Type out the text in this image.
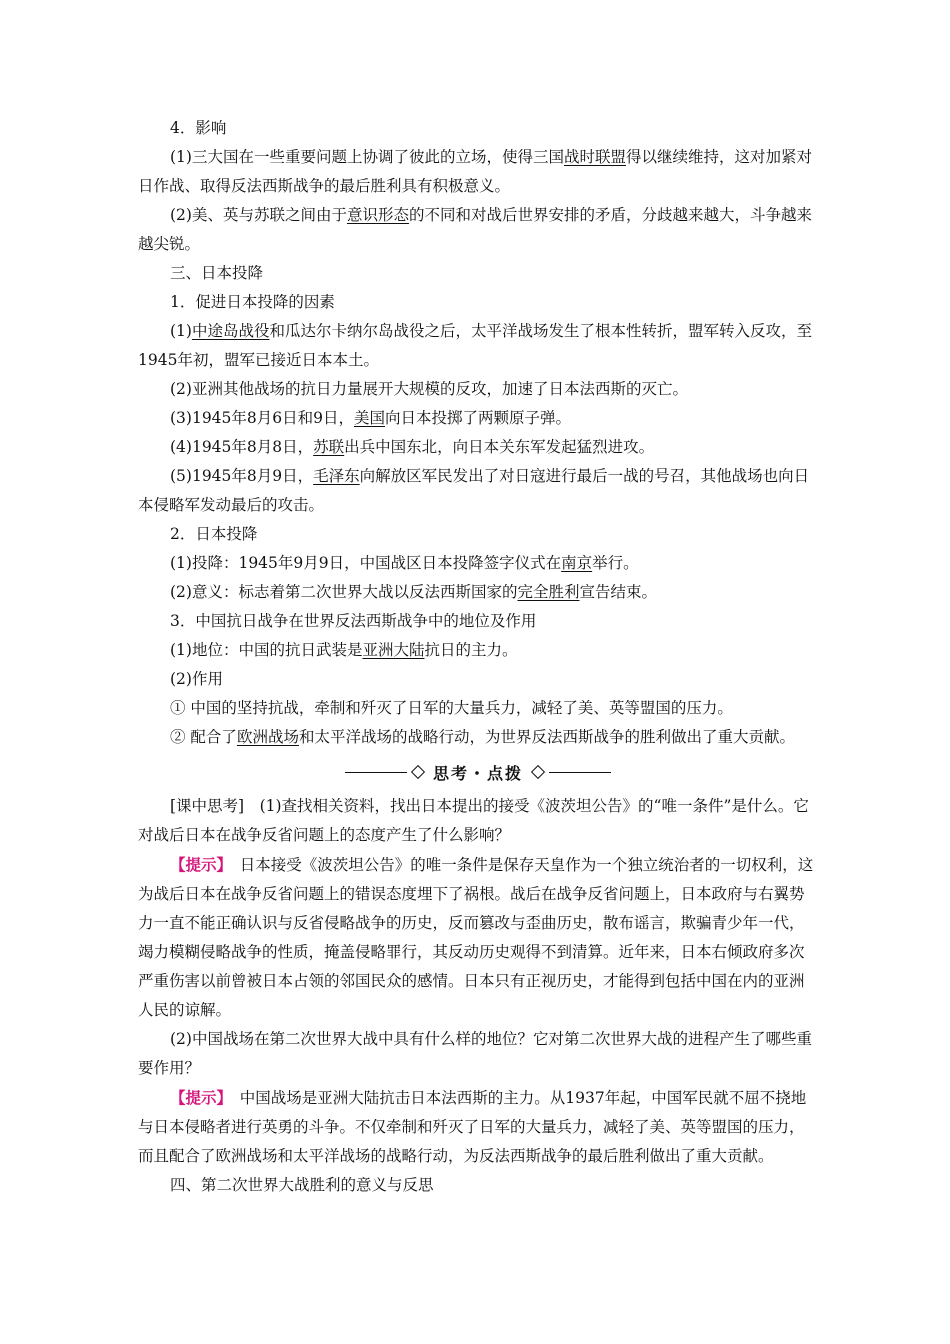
4．影响

(1)三大国在一些重要问题上协调了彼此的立场，使得三国战时联盟得以继续维持，这对加紧对日作战、取得反法西斯战争的最后胜利具有积极意义。

(2)美、英与苏联之间由于意识形态的不同和对战后世界安排的矛盾，分歧越来越大，斗争越来越尖锐。

三、日本投降

1．促进日本投降的因素

(1)中途岛战役和瓜达尔卡纳尔岛战役之后，太平洋战场发生了根本性转折，盟军转入反攻，至1945年初，盟军已接近日本本土。

(2)亚洲其他战场的抗日力量展开大规模的反攻，加速了日本法西斯的灭亡。

(3)1945年8月6日和9日，美国向日本投掷了两颗原子弹。

(4)1945年8月8日，苏联出兵中国东北，向日本关东军发起猛烈进攻。

(5)1945年8月9日，毛泽东向解放区军民发出了对日寇进行最后一战的号召，其他战场也向日本侵略军发动最后的攻击。

2．日本投降

(1)投降：1945年9月9日，中国战区日本投降签字仪式在南京举行。

(2)意义：标志着第二次世界大战以反法西斯国家的完全胜利宣告结束。

3．中国抗日战争在世界反法西斯战争中的地位及作用

(1)地位：中国的抗日武装是亚洲大陆抗日的主力。

(2)作用

① 中国的坚持抗战，牵制和歼灭了日军的大量兵力，减轻了美、英等盟国的压力。

② 配合了欧洲战场和太平洋战场的战略行动，为世界反法西斯战争的胜利做出了重大贡献。

思考・点拨

[课中思考]　(1)查找相关资料，找出日本提出的接受《波茨坦公告》的“唯一条件”是什么。它对战后日本在战争反省问题上的态度产生了什么影响？

【提示】　日本接受《波茨坦公告》的唯一条件是保存天皇作为一个独立统治者的一切权利，这为战后日本在战争反省问题上的错误态度埋下了祸根。战后在战争反省问题上，日本政府与右翼势力一直不能正确认识与反省侵略战争的历史，反而篡改与歪曲历史，散布谣言，欺骗青少年一代，竭力模糊侵略战争的性质，掩盖侵略罪行，其反动历史观得不到清算。近年来，日本右倾政府多次严重伤害以前曾被日本占领的邻国民众的感情。日本只有正视历史，才能得到包括中国在内的亚洲人民的谅解。

(2)中国战场在第二次世界大战中具有什么样的地位？它对第二次世界大战的进程产生了哪些重要作用？

【提示】　中国战场是亚洲大陆抗击日本法西斯的主力。从1937年起，中国军民就不屈不挠地与日本侵略者进行英勇的斗争。不仅牵制和歼灭了日军的大量兵力，减轻了美、英等盟国的压力，而且配合了欧洲战场和太平洋战场的战略行动，为反法西斯战争的最后胜利做出了重大贡献。

四、第二次世界大战胜利的意义与反思
